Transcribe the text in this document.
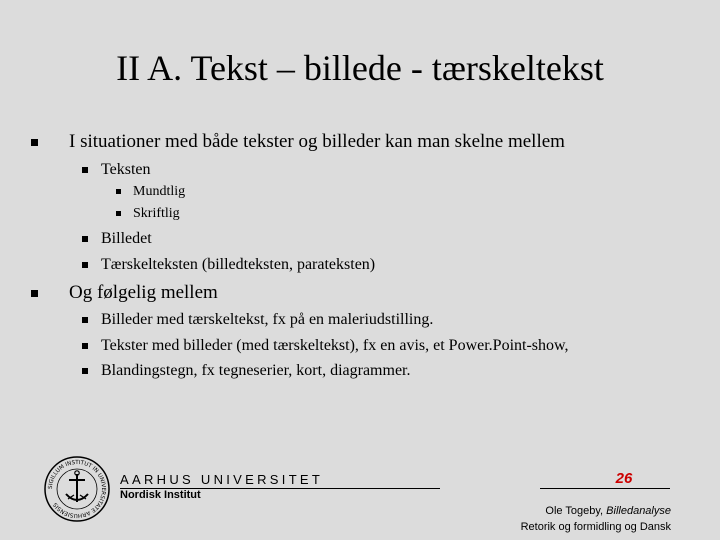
II A. Tekst – billede - tærskeltekst
I situationer med både tekster og billeder kan man skelne mellem
Teksten
Mundtlig
Skriftlig
Billedet
Tærskelteksten (billedteksten, parateksten)
Og følgelig mellem
Billeder med tærskeltekst, fx på en maleriudstilling.
Tekster med billeder (med tærskeltekst), fx en avis, et Power.Point-show,
Blandingstegn, fx tegneserier, kort, diagrammer.
SIGILLUM INSTITUT IN UNIVERSITATE ARHUSIENSIS
AARHUS UNIVERSITET
Nordisk Institut
26
Ole Togeby, Billedanalyse
Retorik og formidling og Dansk
